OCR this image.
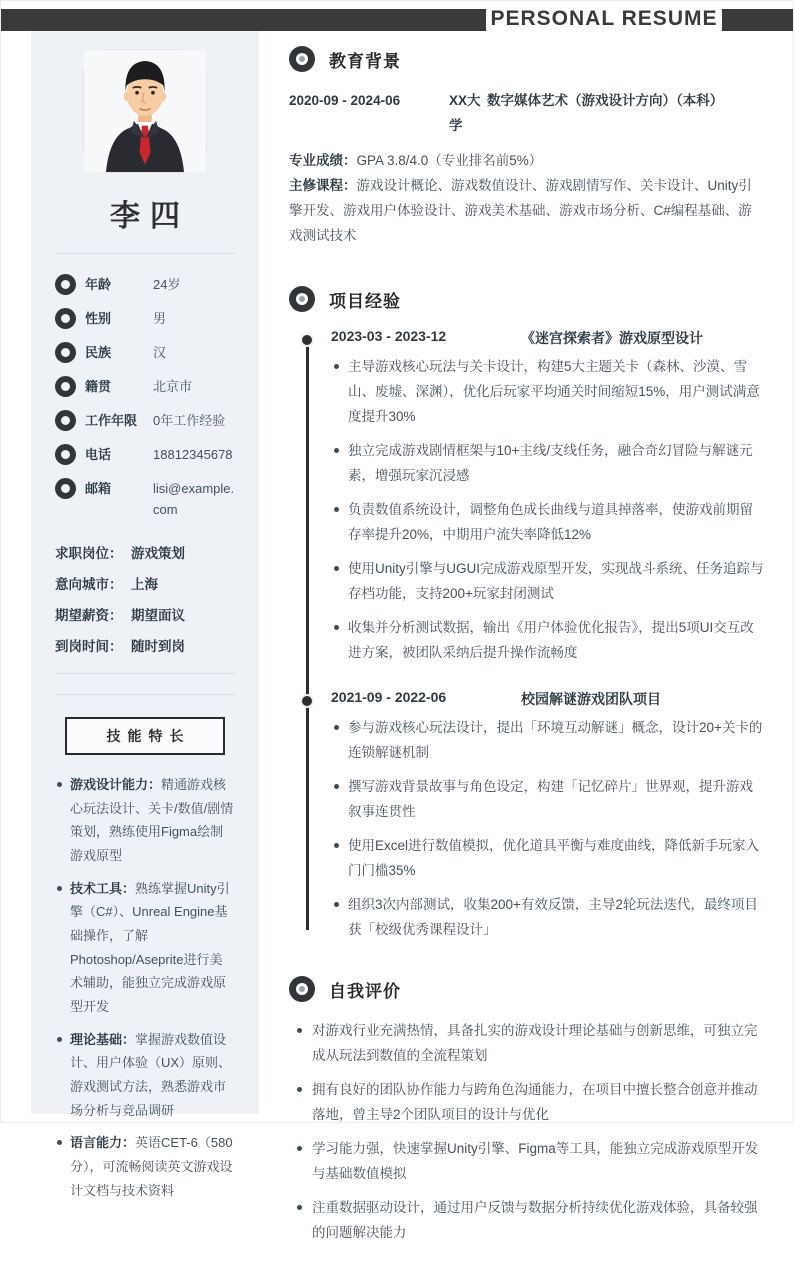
PERSONAL RESUME
李四
年龄	24岁
性别	男
民族	汉
籍贯	北京市
工作年限	0年工作经验
电话	18812345678
邮箱	lisi@example.com
求职岗位： 游戏策划
意向城市： 上海
期望薪资： 期望面议
到岗时间： 随时到岗
技能特长
游戏设计能力：精通游戏核心玩法设计、关卡/数值/剧情策划，熟练使用Figma绘制游戏原型
技术工具：熟练掌握Unity引擎（C#）、Unreal Engine基础操作，了解Photoshop/Aseprite进行美术辅助，能独立完成游戏原型开发
理论基础：掌握游戏数值设计、用户体验（UX）原则、游戏测试方法，熟悉游戏市场分析与竞品调研
语言能力：英语CET-6（580分），可流畅阅读英文游戏设计文档与技术资料
教育背景
2020-09 - 2024-06	XX大学
数字媒体艺术（游戏设计方向）（本科）

专业成绩：GPA 3.8/4.0（专业排名前5%）

主修课程：游戏设计概论、游戏数值设计、游戏剧情写作、关卡设计、Unity引擎开发、游戏用户体验设计、游戏美术基础、游戏市场分析、C#编程基础、游戏测试技术

项目经验
2023-03 - 2023-12	《迷宫探索者》游戏原型设计
主导游戏核心玩法与关卡设计，构建5大主题关卡（森林、沙漠、雪山、废墟、深渊），优化后玩家平均通关时间缩短15%，用户测试满意度提升30%
独立完成游戏剧情框架与10+主线/支线任务，融合奇幻冒险与解谜元素，增强玩家沉浸感
负责数值系统设计，调整角色成长曲线与道具掉落率，使游戏前期留存率提升20%，中期用户流失率降低12%
使用Unity引擎与UGUI完成游戏原型开发，实现战斗系统、任务追踪与存档功能，支持200+玩家封闭测试
收集并分析测试数据，输出《用户体验优化报告》，提出5项UI交互改进方案，被团队采纳后提升操作流畅度
2021-09 - 2022-06	校园解谜游戏团队项目
参与游戏核心玩法设计，提出「环境互动解谜」概念，设计20+关卡的连锁解谜机制
撰写游戏背景故事与角色设定，构建「记忆碎片」世界观，提升游戏叙事连贯性
使用Excel进行数值模拟，优化道具平衡与难度曲线，降低新手玩家入门门槛35%
组织3次内部测试，收集200+有效反馈，主导2轮玩法迭代，最终项目获「校级优秀课程设计」
自我评价
对游戏行业充满热情，具备扎实的游戏设计理论基础与创新思维，可独立完成从玩法到数值的全流程策划
拥有良好的团队协作能力与跨角色沟通能力，在项目中擅长整合创意并推动落地，曾主导2个团队项目的设计与优化
学习能力强，快速掌握Unity引擎、Figma等工具，能独立完成游戏原型开发与基础数值模拟
注重数据驱动设计，通过用户反馈与数据分析持续优化游戏体验，具备较强的问题解决能力
